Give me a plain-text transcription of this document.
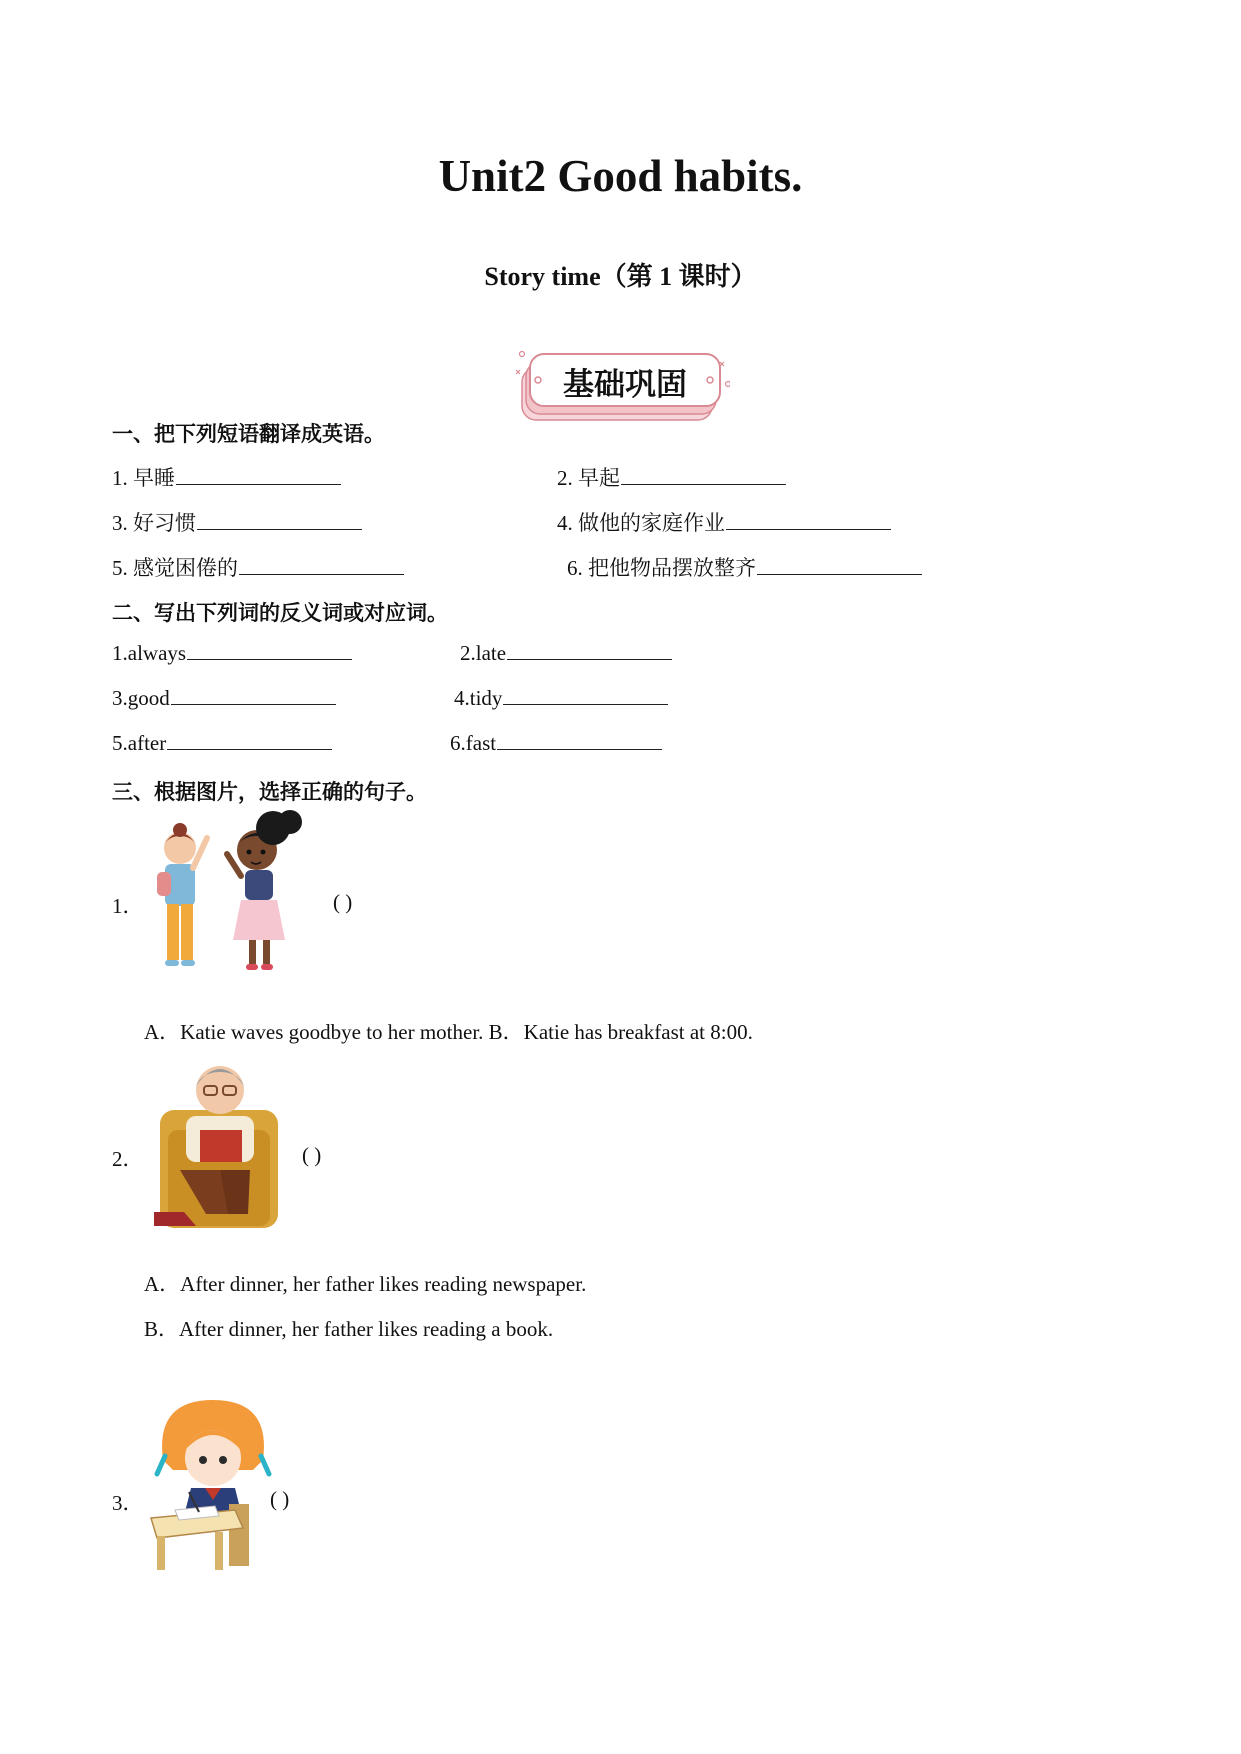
Unit2 Good habits.
Story time（第 1 课时）
基础巩固
一、把下列短语翻译成英语。
1. 早睡	2. 早起
3. 好习惯	4. 做他的家庭作业
5. 感觉困倦的	6. 把他物品摆放整齐
二、写出下列词的反义词或对应词。
1.always	2.late
3.good	4.tidy
5.after	6.fast
三、根据图片，选择正确的句子。
1．	( )
A．Katie waves goodbye to her mother. B．Katie has breakfast at 8:00.
2．	( )
A．After dinner, her father likes reading newspaper.
B．After dinner, her father likes reading a book.
3．	( )
